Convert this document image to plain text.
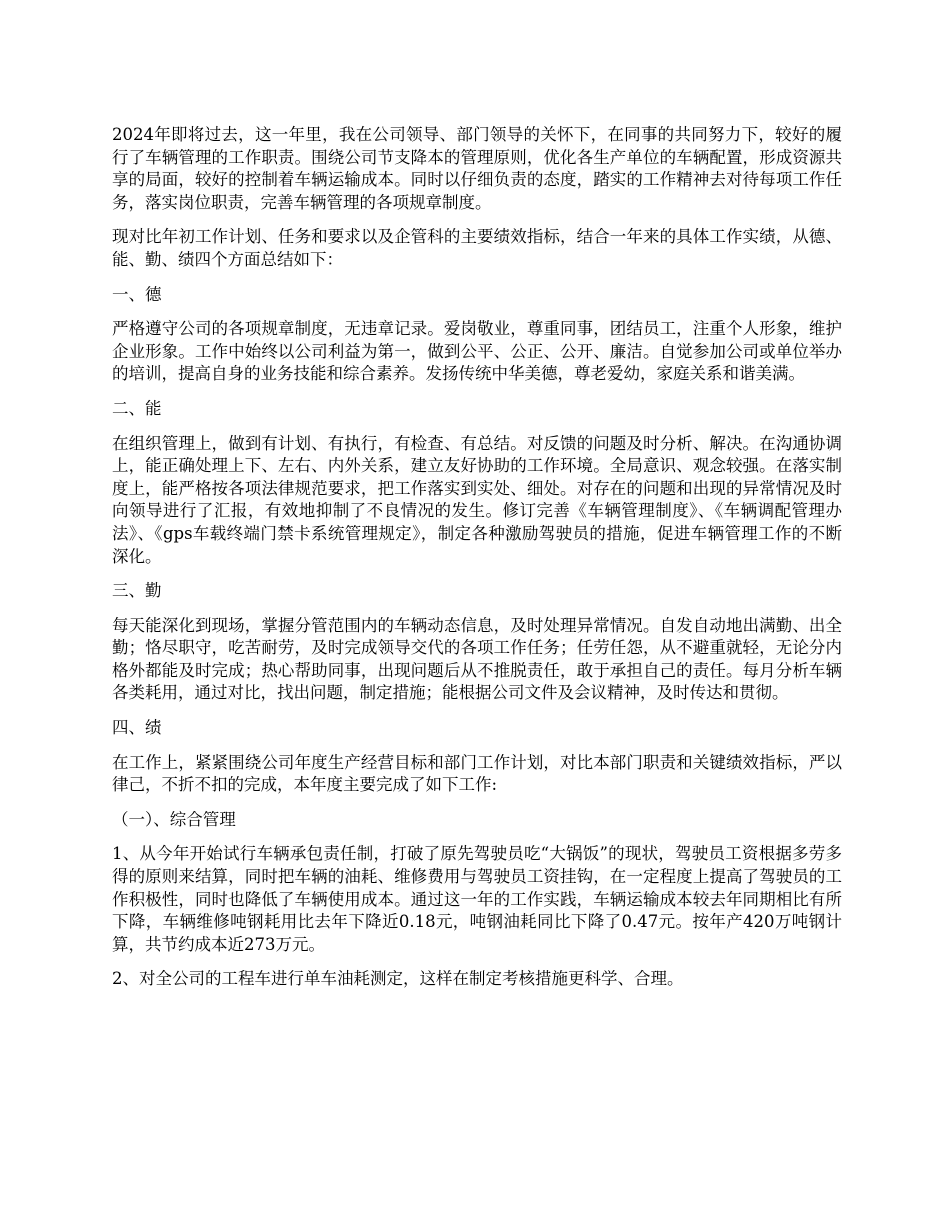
2024年即将过去，这一年里，我在公司领导、部门领导的关怀下，在同事的共同努力下，较好的履行了车辆管理的工作职责。围绕公司节支降本的管理原则，优化各生产单位的车辆配置，形成资源共享的局面，较好的控制着车辆运输成本。同时以仔细负责的态度，踏实的工作精神去对待每项工作任务，落实岗位职责，完善车辆管理的各项规章制度。

现对比年初工作计划、任务和要求以及企管科的主要绩效指标，结合一年来的具体工作实绩，从德、能、勤、绩四个方面总结如下：

一、德

严格遵守公司的各项规章制度，无违章记录。爱岗敬业，尊重同事，团结员工，注重个人形象，维护企业形象。工作中始终以公司利益为第一，做到公平、公正、公开、廉洁。自觉参加公司或单位举办的培训，提高自身的业务技能和综合素养。发扬传统中华美德，尊老爱幼，家庭关系和谐美满。

二、能

在组织管理上，做到有计划、有执行，有检查、有总结。对反馈的问题及时分析、解决。在沟通协调上，能正确处理上下、左右、内外关系，建立友好协助的工作环境。全局意识、观念较强。在落实制度上，能严格按各项法律规范要求，把工作落实到实处、细处。对存在的问题和出现的异常情况及时向领导进行了汇报，有效地抑制了不良情况的发生。修订完善《车辆管理制度》、《车辆调配管理办法》、《gps车载终端门禁卡系统管理规定》，制定各种激励驾驶员的措施，促进车辆管理工作的不断深化。

三、勤

每天能深化到现场，掌握分管范围内的车辆动态信息，及时处理异常情况。自发自动地出满勤、出全勤；恪尽职守，吃苦耐劳，及时完成领导交代的各项工作任务；任劳任怨，从不避重就轻，无论分内格外都能及时完成；热心帮助同事，出现问题后从不推脱责任，敢于承担自己的责任。每月分析车辆各类耗用，通过对比，找出问题，制定措施；能根据公司文件及会议精神，及时传达和贯彻。

四、绩

在工作上，紧紧围绕公司年度生产经营目标和部门工作计划，对比本部门职责和关键绩效指标，严以律己，不折不扣的完成，本年度主要完成了如下工作:

（一）、综合管理

1、从今年开始试行车辆承包责任制，打破了原先驾驶员吃“大锅饭”的现状，驾驶员工资根据多劳多得的原则来结算，同时把车辆的油耗、维修费用与驾驶员工资挂钩，在一定程度上提高了驾驶员的工作积极性，同时也降低了车辆使用成本。通过这一年的工作实践，车辆运输成本较去年同期相比有所下降，车辆维修吨钢耗用比去年下降近0.18元，吨钢油耗同比下降了0.47元。按年产420万吨钢计算，共节约成本近273万元。

2、对全公司的工程车进行单车油耗测定，这样在制定考核措施更科学、合理。
